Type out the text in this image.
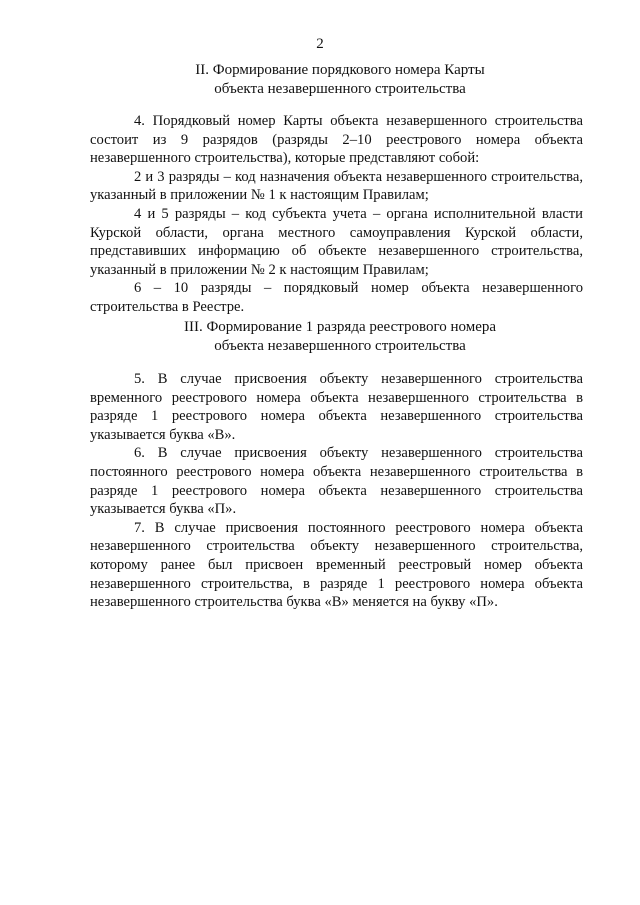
2
II. Формирование порядкового номера Карты
объекта незавершенного строительства

4. Порядковый номер Карты объекта незавершенного строительства состоит из 9 разрядов (разряды 2–10 реестрового номера объекта незавершенного строительства), которые представляют собой:

2 и 3 разряды – код назначения объекта незавершенного строительства, указанный в приложении № 1 к настоящим Правилам;

4 и 5 разряды – код субъекта учета – органа исполнительной власти Курской области, органа местного самоуправления Курской области, представивших информацию об объекте незавершенного строительства, указанный в приложении № 2 к настоящим Правилам;

6 – 10 разряды – порядковый номер объекта незавершенного строительства в Реестре.

III. Формирование 1 разряда реестрового номера
объекта незавершенного строительства

5. В случае присвоения объекту незавершенного строительства временного реестрового номера объекта незавершенного строительства в разряде 1 реестрового номера объекта незавершенного строительства указывается буква «В».

6. В случае присвоения объекту незавершенного строительства постоянного реестрового номера объекта незавершенного строительства в разряде 1 реестрового номера объекта незавершенного строительства указывается буква «П».

7. В случае присвоения постоянного реестрового номера объекта незавершенного строительства объекту незавершенного строительства, которому ранее был присвоен временный реестровый номер объекта незавершенного строительства, в разряде 1 реестрового номера объекта незавершенного строительства буква «В» меняется на букву «П».
